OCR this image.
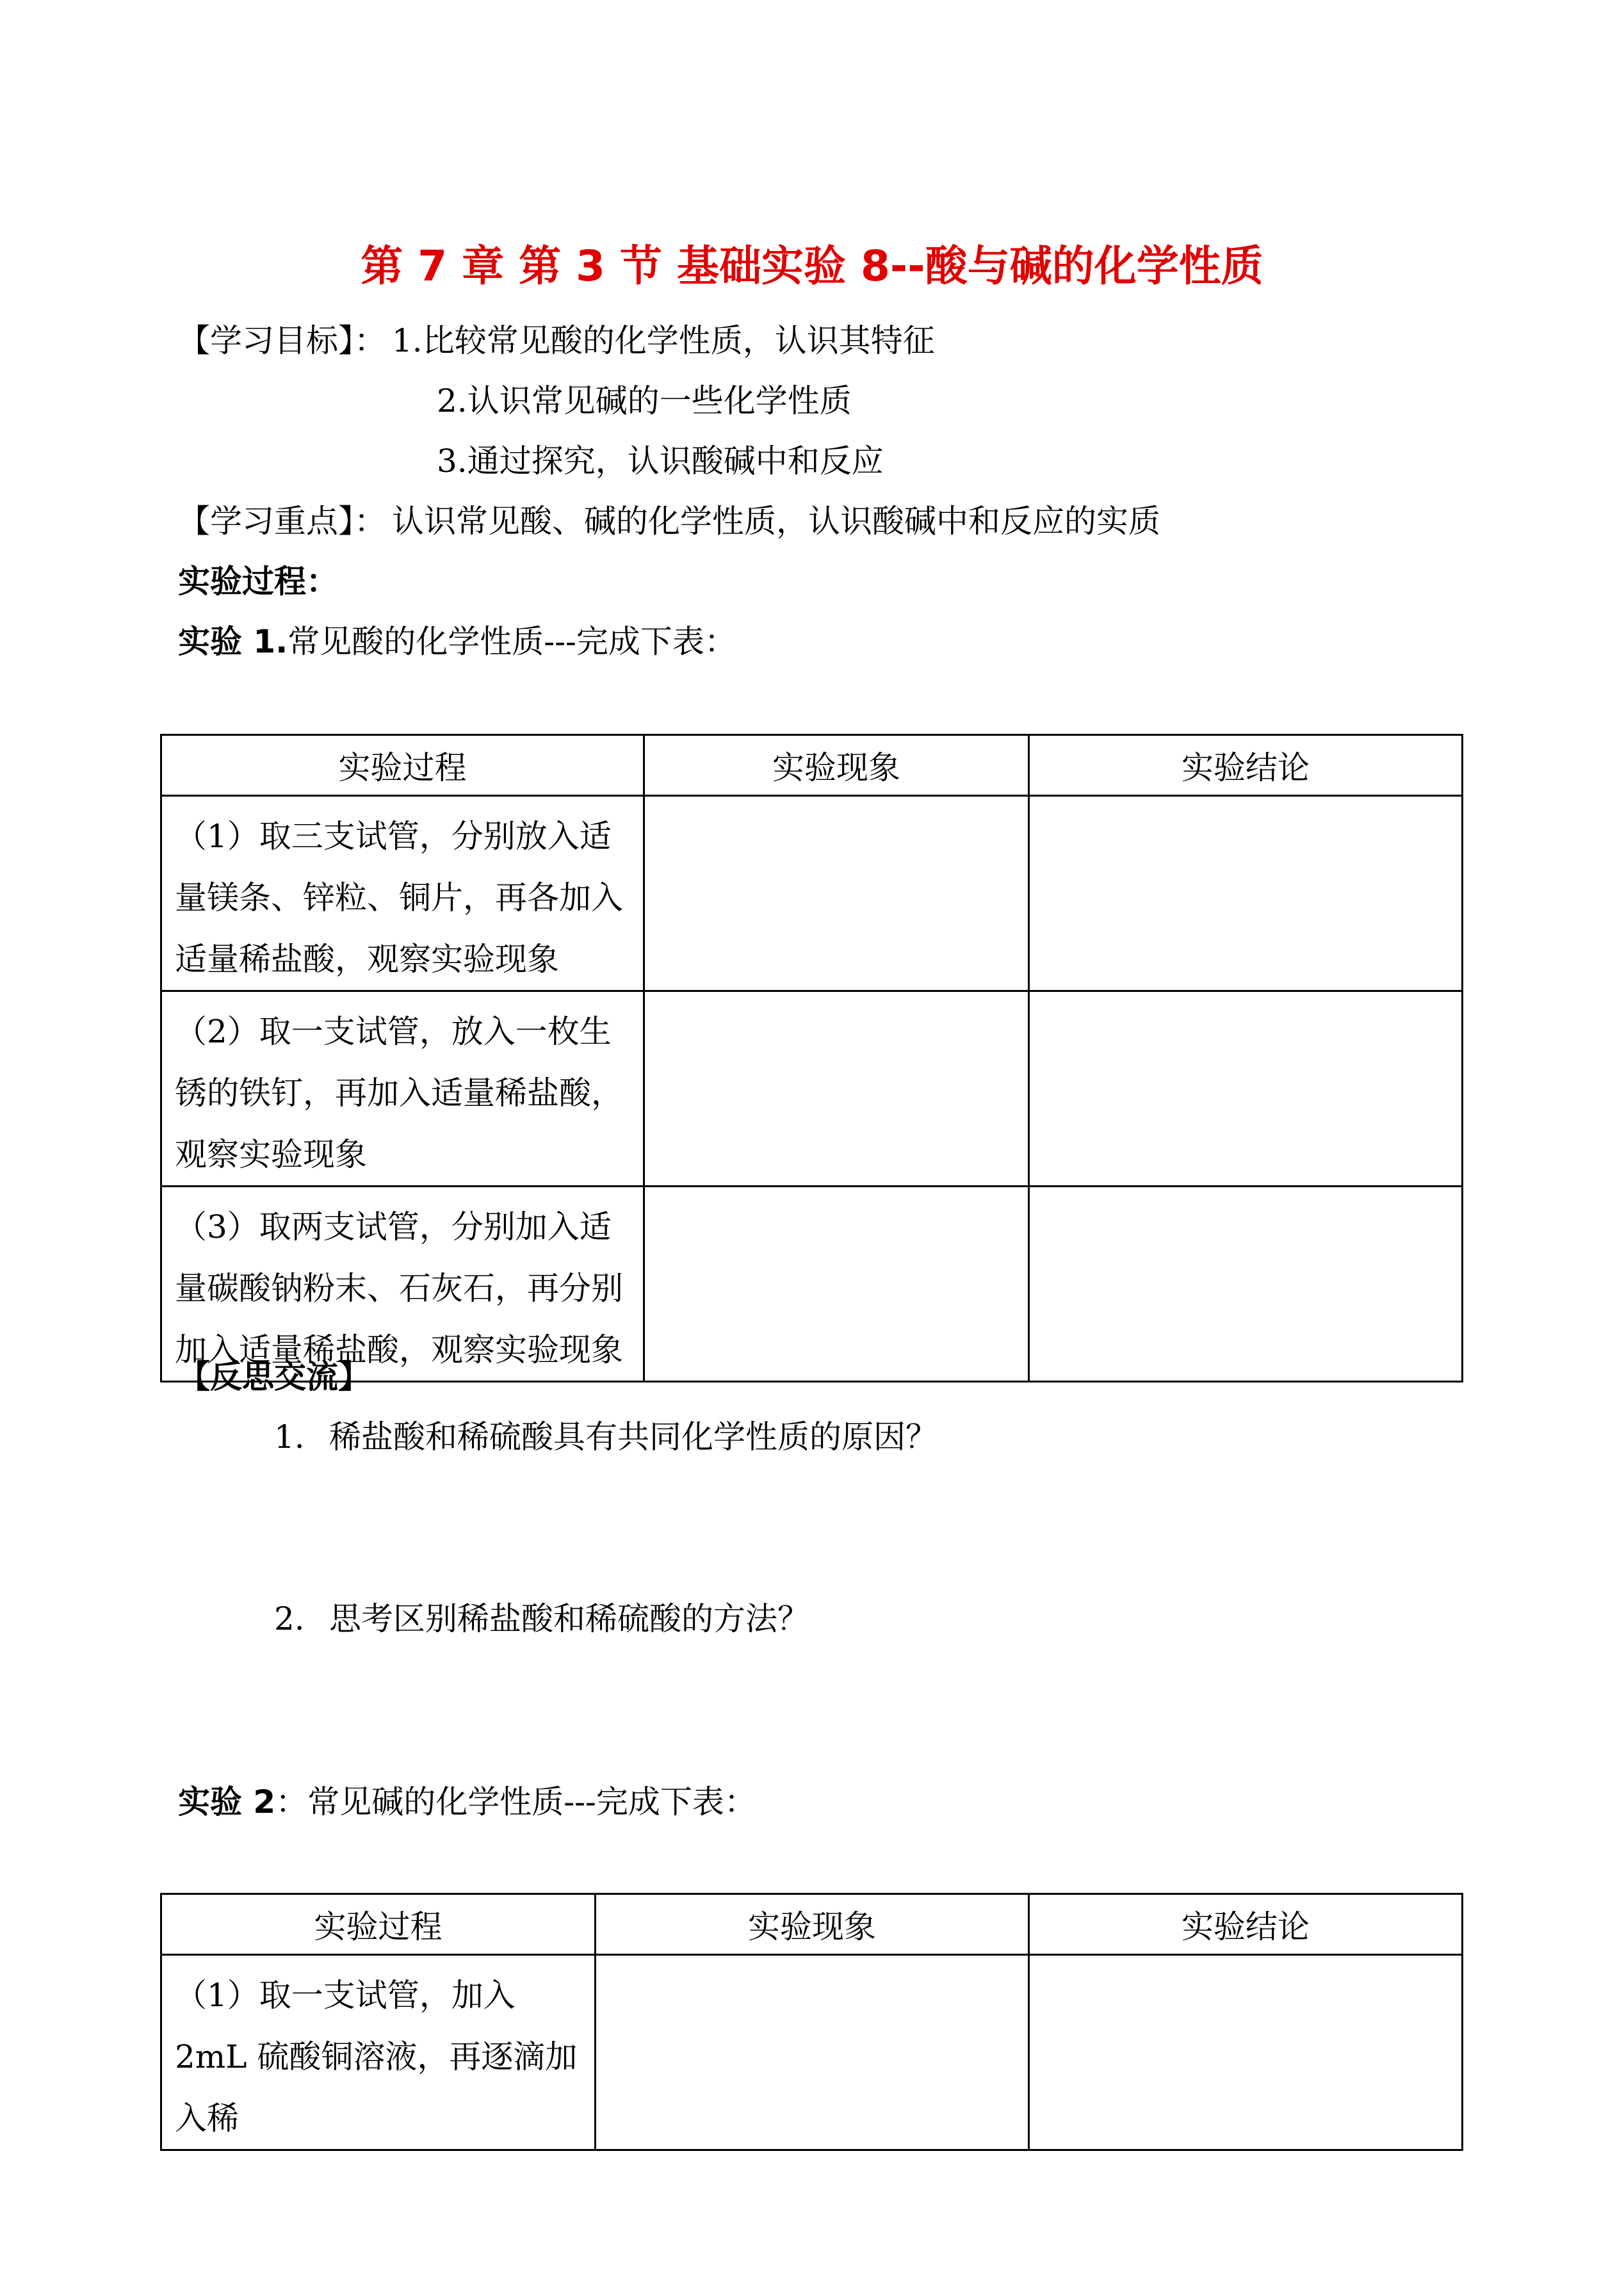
第 7 章 第 3 节 基础实验 8--酸与碱的化学性质
【学习目标】： 1.比较常见酸的化学性质，认识其特征
2.认识常见碱的一些化学性质
3.通过探究，认识酸碱中和反应
【学习重点】： 认识常见酸、碱的化学性质，认识酸碱中和反应的实质
实验过程：
实验 1.常见酸的化学性质---完成下表：
实验过程	实验现象	实验结论

（1）取三支试管，分别放入适量镁条、锌粒、铜片，再各加入适量稀盐酸，观察实验现象		

（2）取一支试管，放入一枚生锈的铁钉，再加入适量稀盐酸，观察实验现象		

（3）取两支试管，分别加入适量碳酸钠粉末、石灰石，再分别加入适量稀盐酸，观察实验现象		

【反思交流】
1. 稀盐酸和稀硫酸具有共同化学性质的原因？
2. 思考区别稀盐酸和稀硫酸的方法？
实验 2：常见碱的化学性质---完成下表：
实验过程	实验现象	实验结论

（1）取一支试管，加入 2mL 硫酸铜溶液，再逐滴加入稀		
